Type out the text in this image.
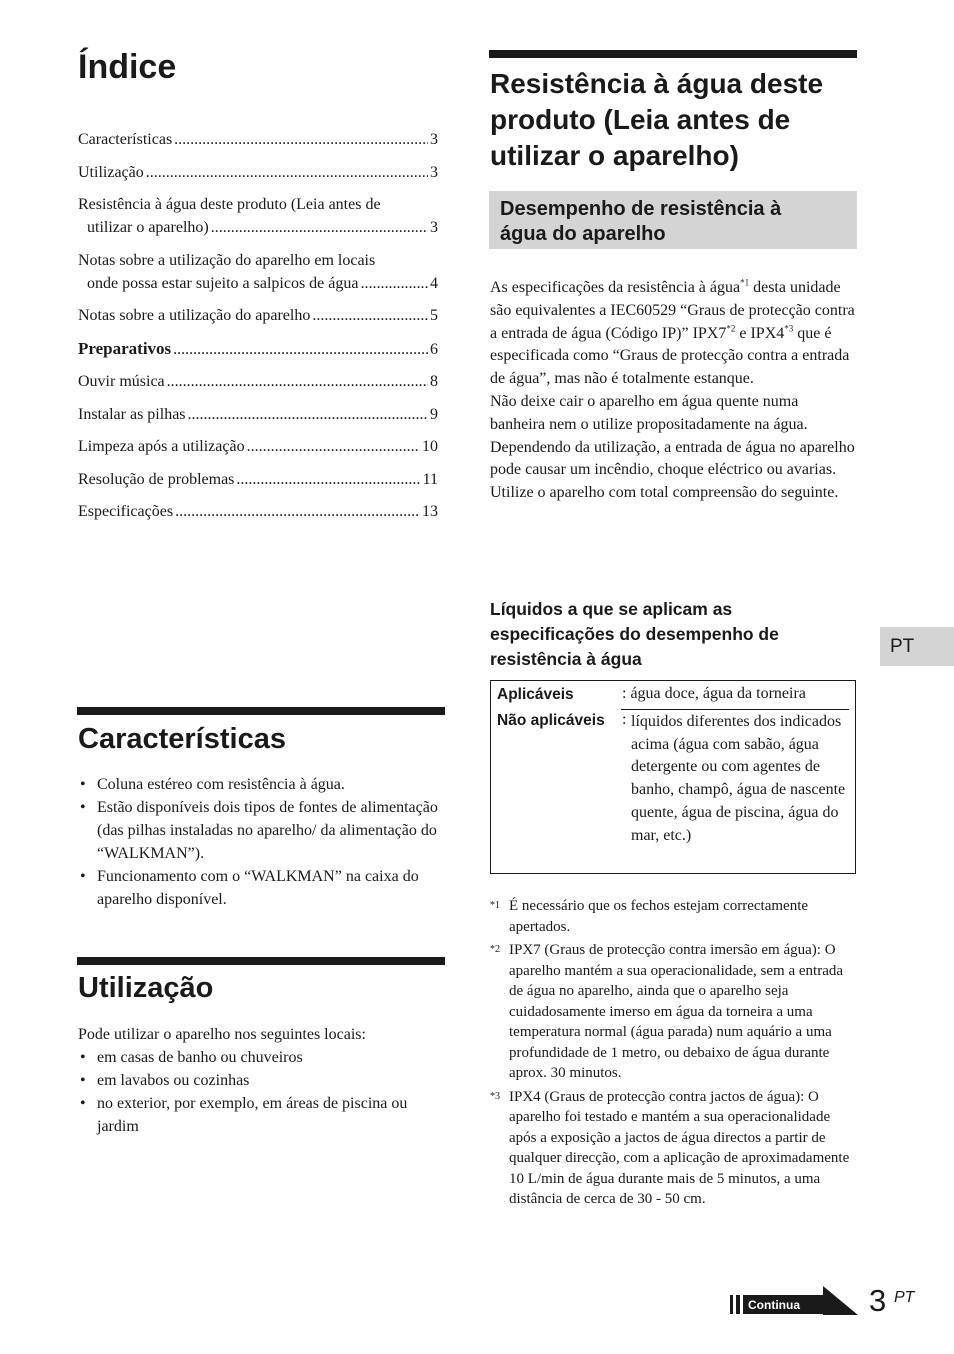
Índice
Características .....	3
Utilização .....	3
Resistência à água deste produto (Leia antes de
utilizar o aparelho) .....	3
Notas sobre a utilização do aparelho em locais
onde possa estar sujeito a salpicos de água .....	4
Notas sobre a utilização do aparelho .....	5
Preparativos .....	6
Ouvir música .....	8
Instalar as pilhas .....	9
Limpeza após a utilização .....	10
Resolução de problemas .....	11
Especificações .....	13
Características
• Coluna estéreo com resistência à água.
• Estão disponíveis dois tipos de fontes de alimentação (das pilhas instaladas no aparelho/ da alimentação do “WALKMAN”).
• Funcionamento com o “WALKMAN” na caixa do aparelho disponível.
Utilização
Pode utilizar o aparelho nos seguintes locais:
• em casas de banho ou chuveiros
• em lavabos ou cozinhas
• no exterior, por exemplo, em áreas de piscina ou jardim
Resistência à água deste
produto (Leia antes de
utilizar o aparelho)
Desempenho de resistência à
água do aparelho
As especificações da resistência à água$^{*1}$ desta unidade são equivalentes a IEC60529 “Graus de protecção contra a entrada de água (Código IP)” IPX7$^{*2}$ e IPX4$^{*3}$ que é especificada como “Graus de protecção contra a entrada de água”, mas não é totalmente estanque.
Não deixe cair o aparelho em água quente numa banheira nem o utilize propositadamente na água.
Dependendo da utilização, a entrada de água no aparelho pode causar um incêndio, choque eléctrico ou avarias.
Utilize o aparelho com total compreensão do seguinte.
Líquidos a que se aplicam as
especificações do desempenho de
resistência à água
Aplicáveis	: água doce, água da torneira
Não aplicáveis : líquidos diferentes dos indicados acima (água com sabão, água detergente ou com agentes de banho, champô, água de nascente quente, água de piscina, água do mar, etc.)
*1 É necessário que os fechos estejam correctamente apertados.
*2 IPX7 (Graus de protecção contra imersão em água): O aparelho mantém a sua operacionalidade, sem a entrada de água no aparelho, ainda que o aparelho seja cuidadosamente imerso em água da torneira a uma temperatura normal (água parada) num aquário a uma profundidade de 1 metro, ou debaixo de água durante aprox. 30 minutos.
*3 IPX4 (Graus de protecção contra jactos de água): O aparelho foi testado e mantém a sua operacionalidade após a exposição a jactos de água directos a partir de qualquer direcção, com a aplicação de aproximadamente 10 L/min de água durante mais de 5 minutos, a uma distância de cerca de 30 - 50 cm.
PT
Continua 3 PT
